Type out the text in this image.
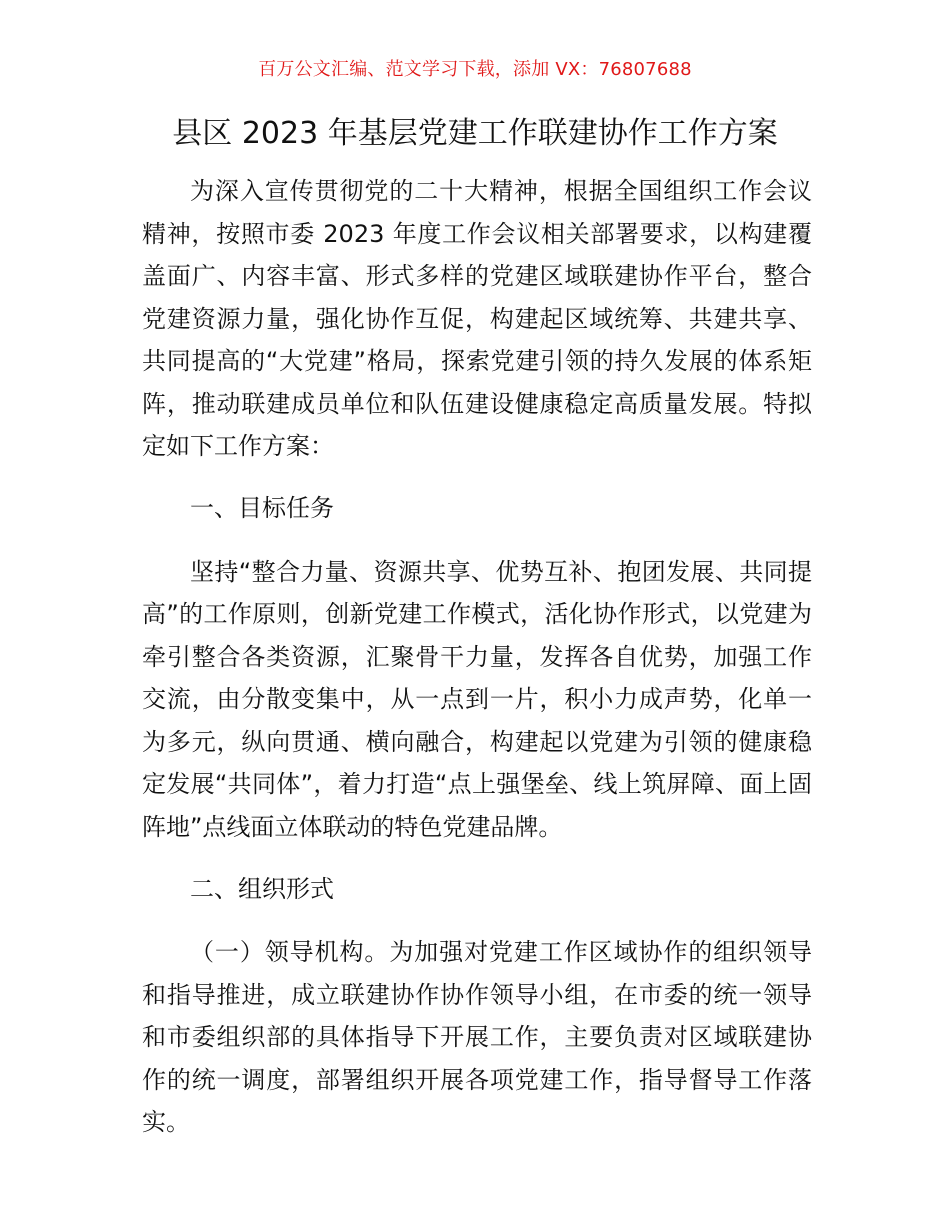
百万公文汇编、范文学习下载，添加 VX：76807688
县区 2023 年基层党建工作联建协作工作方案

为深入宣传贯彻党的二十大精神，根据全国组织工作会议精神，按照市委 2023 年度工作会议相关部署要求，以构建覆盖面广、内容丰富、形式多样的党建区域联建协作平台，整合党建资源力量，强化协作互促，构建起区域统筹、共建共享、共同提高的“大党建”格局，探索党建引领的持久发展的体系矩阵，推动联建成员单位和队伍建设健康稳定高质量发展。特拟定如下工作方案：

一、目标任务

坚持“整合力量、资源共享、优势互补、抱团发展、共同提高”的工作原则，创新党建工作模式，活化协作形式，以党建为牵引整合各类资源，汇聚骨干力量，发挥各自优势，加强工作交流，由分散变集中，从一点到一片，积小力成声势，化单一为多元，纵向贯通、横向融合，构建起以党建为引领的健康稳定发展“共同体”，着力打造“点上强堡垒、线上筑屏障、面上固阵地”点线面立体联动的特色党建品牌。

二、组织形式

（一）领导机构。为加强对党建工作区域协作的组织领导和指导推进，成立联建协作协作领导小组，在市委的统一领导和市委组织部的具体指导下开展工作，主要负责对区域联建协作的统一调度，部署组织开展各项党建工作，指导督导工作落实。
